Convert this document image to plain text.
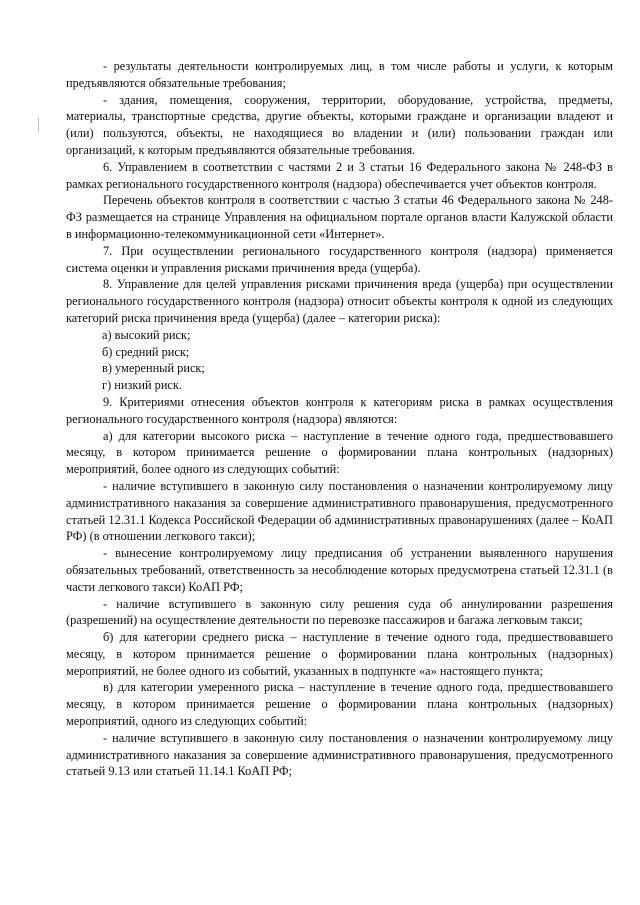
- результаты деятельности контролируемых лиц, в том числе работы и услуги, к которым предъявляются обязательные требования;

- здания, помещения, сооружения, территории, оборудование, устройства, предметы, материалы, транспортные средства, другие объекты, которыми граждане и организации владеют и (или) пользуются, объекты, не находящиеся во владении и (или) пользовании граждан или организаций, к которым предъявляются обязательные требования.

6. Управлением в соответствии с частями 2 и 3 статьи 16 Федерального закона № 248-ФЗ в рамках регионального государственного контроля (надзора) обеспечивается учет объектов контроля.

Перечень объектов контроля в соответствии с частью 3 статьи 46 Федерального закона № 248-ФЗ размещается на странице Управления на официальном портале органов власти Калужской области в информационно-телекоммуникационной сети «Интернет».

7. При осуществлении регионального государственного контроля (надзора) применяется система оценки и управления рисками причинения вреда (ущерба).

8. Управление для целей управления рисками причинения вреда (ущерба) при осуществлении регионального государственного контроля (надзора) относит объекты контроля к одной из следующих категорий риска причинения вреда (ущерба) (далее – категории риска):

а) высокий риск;

б) средний риск;

в) умеренный риск;

г) низкий риск.

9. Критериями отнесения объектов контроля к категориям риска в рамках осуществления регионального государственного контроля (надзора) являются:

а) для категории высокого риска – наступление в течение одного года, предшествовавшего месяцу, в котором принимается решение о формировании плана контрольных (надзорных) мероприятий, более одного из следующих событий:

- наличие вступившего в законную силу постановления о назначении контролируемому лицу административного наказания за совершение административного правонарушения, предусмотренного статьей 12.31.1 Кодекса Российской Федерации об административных правонарушениях (далее – КоАП РФ) (в отношении легкового такси);

- вынесение контролируемому лицу предписания об устранении выявленного нарушения обязательных требований, ответственность за несоблюдение которых предусмотрена статьей 12.31.1 (в части легкового такси) КоАП РФ;

- наличие вступившего в законную силу решения суда об аннулировании разрешения (разрешений) на осуществление деятельности по перевозке пассажиров и багажа легковым такси;

б) для категории среднего риска – наступление в течение одного года, предшествовавшего месяцу, в котором принимается решение о формировании плана контрольных (надзорных) мероприятий, не более одного из событий, указанных в подпункте «а» настоящего пункта;

в) для категории умеренного риска – наступление в течение одного года, предшествовавшего месяцу, в котором принимается решение о формировании плана контрольных (надзорных) мероприятий, одного из следующих событий:

- наличие вступившего в законную силу постановления о назначении контролируемому лицу административного наказания за совершение административного правонарушения, предусмотренного статьей 9.13 или статьей 11.14.1 КоАП РФ;
